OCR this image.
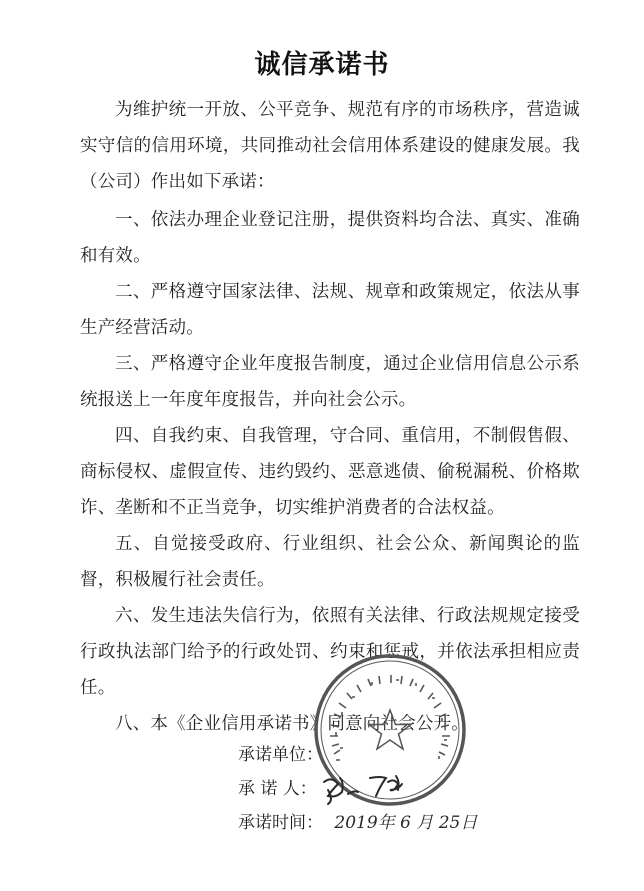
诚信承诺书

为维护统一开放、公平竞争、规范有序的市场秩序，营造诚实守信的信用环境，共同推动社会信用体系建设的健康发展。我（公司）作出如下承诺：

一、依法办理企业登记注册，提供资料均合法、真实、准确和有效。

二、严格遵守国家法律、法规、规章和政策规定，依法从事生产经营活动。

三、严格遵守企业年度报告制度，通过企业信用信息公示系统报送上一年度年度报告，并向社会公示。

四、自我约束、自我管理，守合同、重信用，不制假售假、商标侵权、虚假宣传、违约毁约、恶意逃债、偷税漏税、价格欺诈、垄断和不正当竞争，切实维护消费者的合法权益。

五、自觉接受政府、行业组织、社会公众、新闻舆论的监督，积极履行社会责任。

六、发生违法失信行为，依照有关法律、行政法规规定接受行政执法部门给予的行政处罚、约束和惩戒，并依法承担相应责任。

八、本《企业信用承诺书》同意向社会公开。

承诺单位：
承 诺 人：
承诺时间： 2019年 6 月 25日
